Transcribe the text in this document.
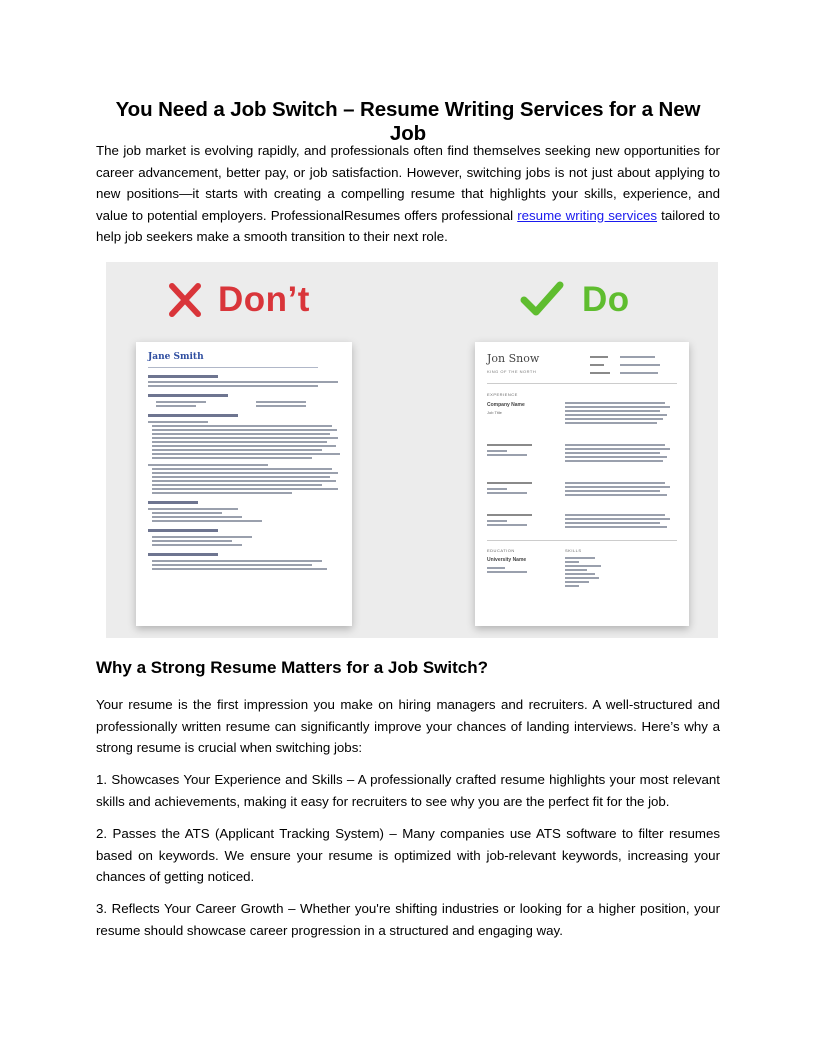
You Need a Job Switch – Resume Writing Services for a New Job

The job market is evolving rapidly, and professionals often find themselves seeking new opportunities for career advancement, better pay, or job satisfaction. However, switching jobs is not just about applying to new positions—it starts with creating a compelling resume that highlights your skills, experience, and value to potential employers. ProfessionalResumes offers professional resume writing services tailored to help job seekers make a smooth transition to their next role.

Why a Strong Resume Matters for a Job Switch?

Your resume is the first impression you make on hiring managers and recruiters. A well-structured and professionally written resume can significantly improve your chances of landing interviews. Here’s why a strong resume is crucial when switching jobs:

1. Showcases Your Experience and Skills – A professionally crafted resume highlights your most relevant skills and achievements, making it easy for recruiters to see why you are the perfect fit for the job.

2. Passes the ATS (Applicant Tracking System) – Many companies use ATS software to filter resumes based on keywords. We ensure your resume is optimized with job-relevant keywords, increasing your chances of getting noticed.

3. Reflects Your Career Growth – Whether you're shifting industries or looking for a higher position, your resume should showcase career progression in a structured and engaging way.

Don’t	Do
Jane Smith	Jon Snow
KING OF THE NORTH
EXPERIENCE
Company Name
Job Title
EDUCATION	SKILLS
University Name
